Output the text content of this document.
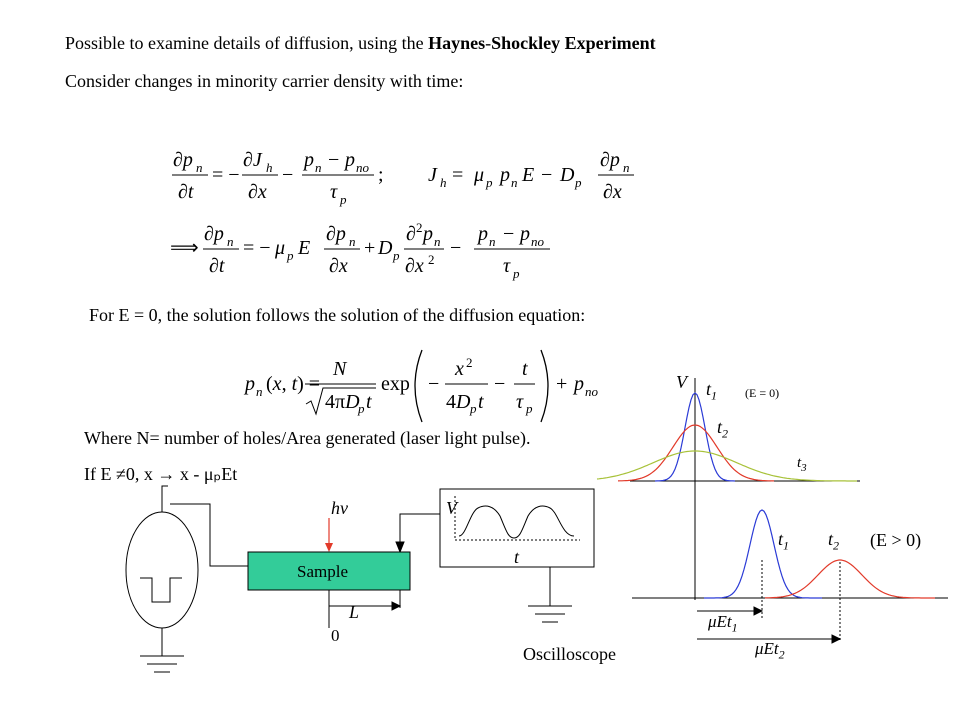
Possible to examine details of diffusion, using the Haynes-Shockley Experiment
Consider changes in minority carrier density with time:
For E = 0, the solution follows the solution of the diffusion equation:
Where N= number of holes/Area generated (laser light pulse).
If E ≠0, x → x - μₚEt
∂p n
∂t
= −
∂J h
∂x
−
p n − p no
τ p
; J h = μ p p n E − D p
∂p n
∂x
⟹
∂p n
∂t
= − μ p E
∂p n
∂x
+ D p
∂ 2 p n
∂x 2
−
p n − p no
τ p
p n (x, t) =
N
4πD
p t
exp −
x 2
4D p t
−
t
τ p
+ p no
Sample
hν	V
t
L
0
Oscilloscope
V $t_1$ (E = 0)
$t_2$
$t_3$
$t_1$ $t_2$ (E > 0)
μEt$_1$
μEt$_2$
